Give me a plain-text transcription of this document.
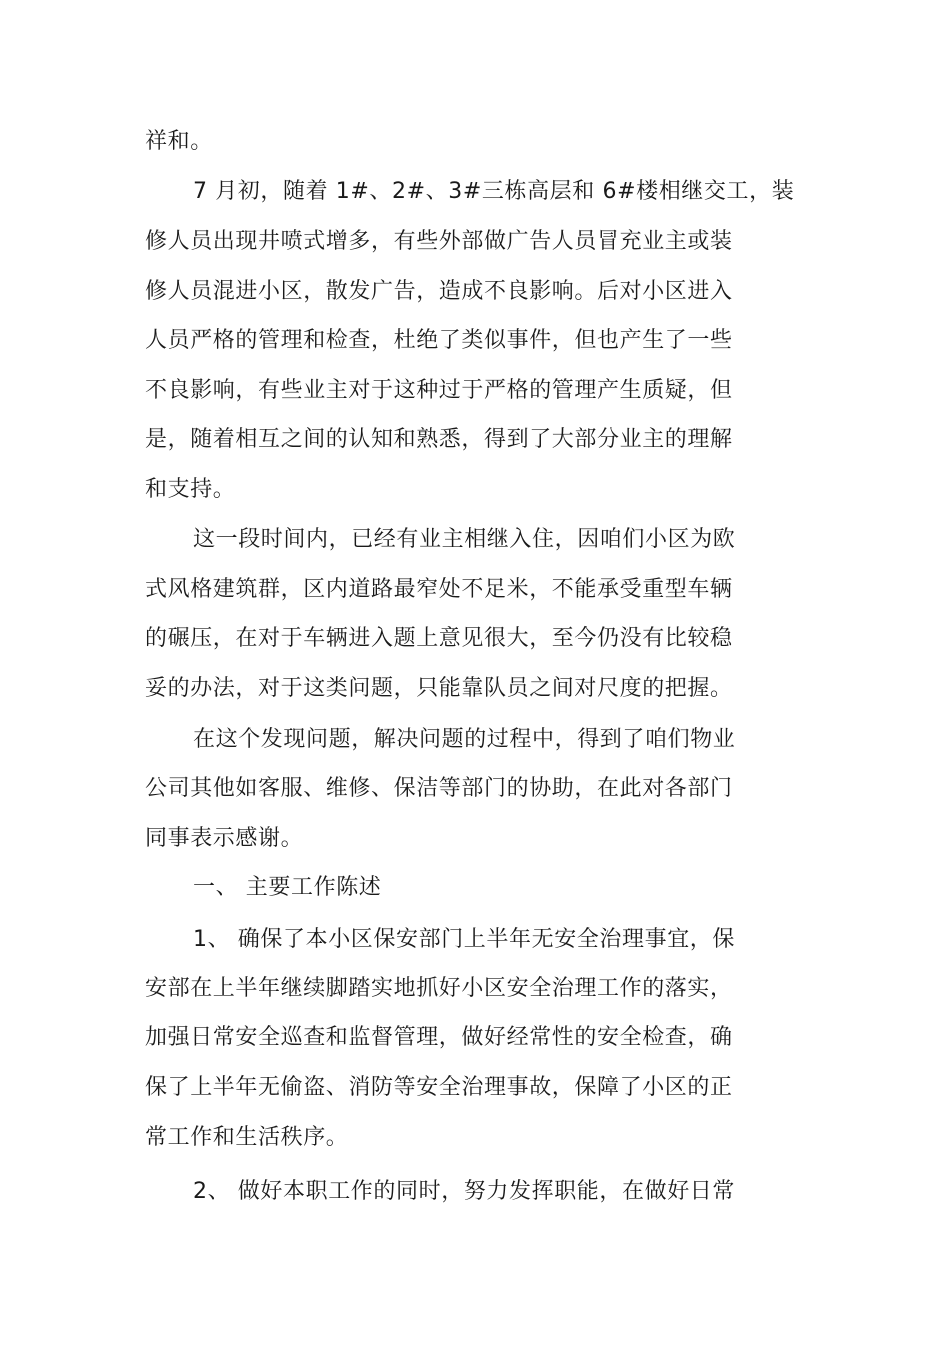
祥和。
7 月初，随着 1#、2#、3#三栋高层和 6#楼相继交工，装
修人员出现井喷式增多，有些外部做广告人员冒充业主或装
修人员混进小区，散发广告，造成不良影响。后对小区进入
人员严格的管理和检查，杜绝了类似事件，但也产生了一些
不良影响，有些业主对于这种过于严格的管理产生质疑，但
是，随着相互之间的认知和熟悉，得到了大部分业主的理解
和支持。
这一段时间内，已经有业主相继入住，因咱们小区为欧
式风格建筑群，区内道路最窄处不足米，不能承受重型车辆
的碾压，在对于车辆进入题上意见很大，至今仍没有比较稳
妥的办法，对于这类问题，只能靠队员之间对尺度的把握。
在这个发现问题，解决问题的过程中，得到了咱们物业
公司其他如客服、维修、保洁等部门的协助，在此对各部门
同事表示感谢。
一、 主要工作陈述
1、 确保了本小区保安部门上半年无安全治理事宜，保
安部在上半年继续脚踏实地抓好小区安全治理工作的落实，
加强日常安全巡查和监督管理，做好经常性的安全检查，确
保了上半年无偷盗、消防等安全治理事故，保障了小区的正
常工作和生活秩序。
2、 做好本职工作的同时，努力发挥职能，在做好日常
